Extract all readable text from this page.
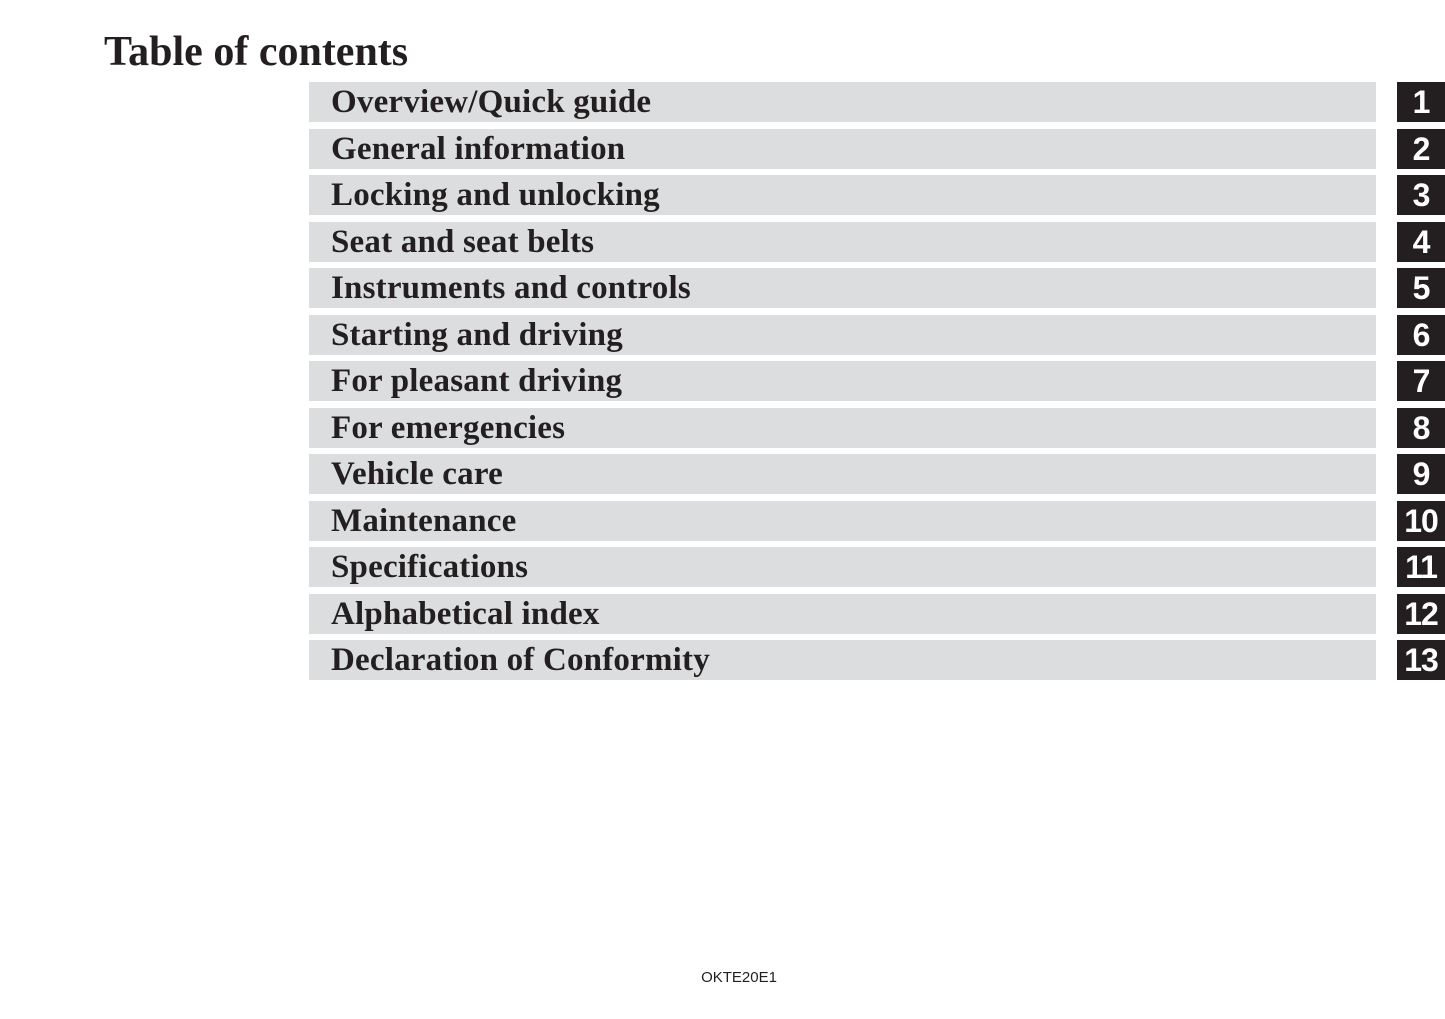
Table of contents
Overview/Quick guide	1
General information	2
Locking and unlocking	3
Seat and seat belts	4
Instruments and controls	5
Starting and driving	6
For pleasant driving	7
For emergencies	8
Vehicle care	9
Maintenance	10
Specifications	11
Alphabetical index	12
Declaration of Conformity	13
OKTE20E1
